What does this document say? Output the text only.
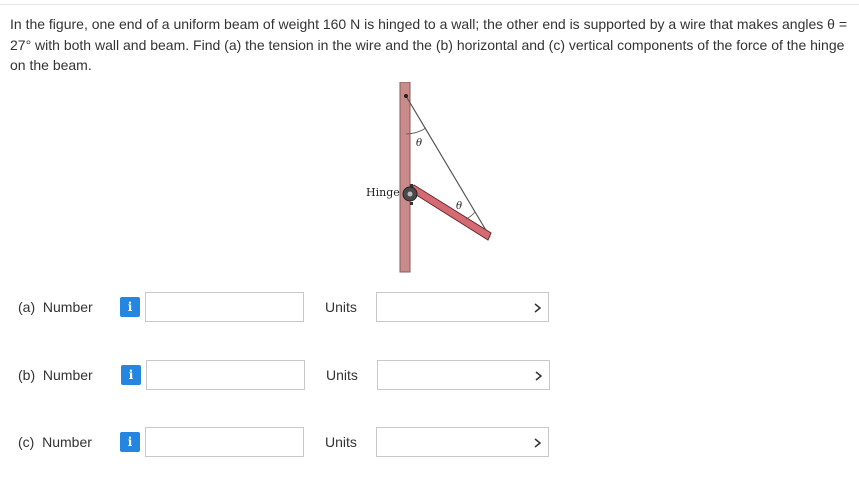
In the figure, one end of a uniform beam of weight 160 N is hinged to a wall; the other end is supported by a wire that makes angles θ = 27° with both wall and beam. Find (a) the tension in the wire and the (b) horizontal and (c) vertical components of the force of the hinge on the beam.
θ
θ
Hinge
(a)  Number	i	Units
(b)  Number	i	Units
(c)  Number	i	Units
